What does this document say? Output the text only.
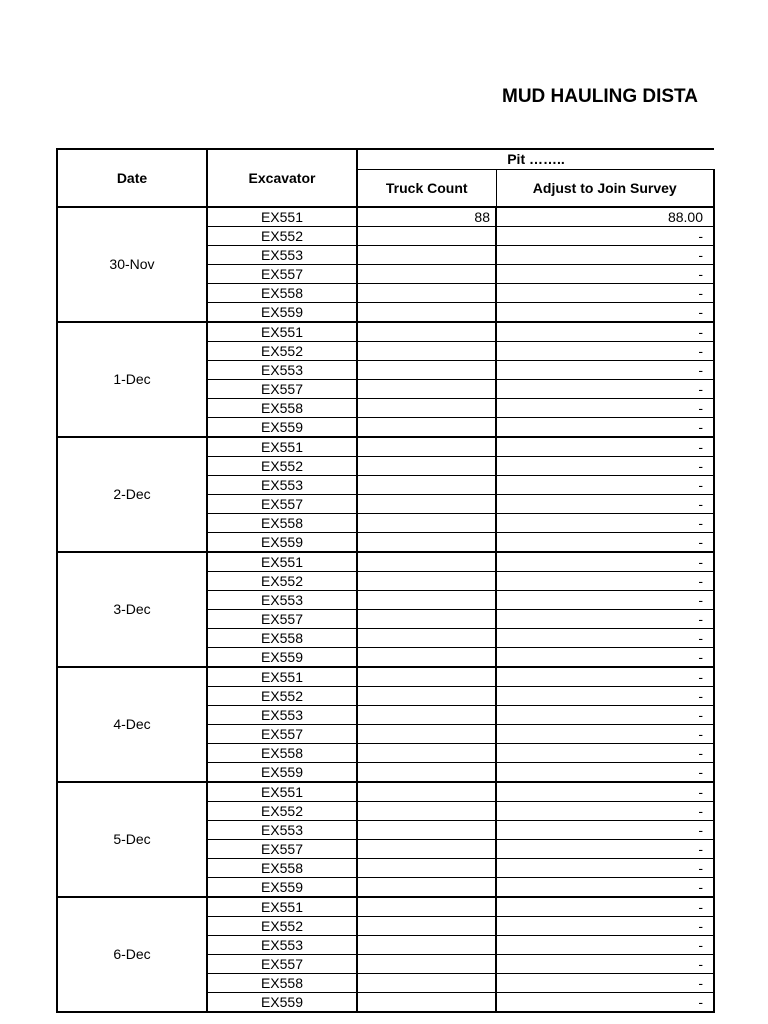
MUD HAULING DISTA
Date	Excavator	Pit ……..	
		Truck Count	Adjust to Join Survey
30-Nov	EX551	88	88.00
	EX552		-
	EX553		-
	EX557		-
	EX558		-
	EX559		-
1-Dec	EX551		-
	EX552		-
	EX553		-
	EX557		-
	EX558		-
	EX559		-
2-Dec	EX551		-
	EX552		-
	EX553		-
	EX557		-
	EX558		-
	EX559		-
3-Dec	EX551		-
	EX552		-
	EX553		-
	EX557		-
	EX558		-
	EX559		-
4-Dec	EX551		-
	EX552		-
	EX553		-
	EX557		-
	EX558		-
	EX559		-
5-Dec	EX551		-
	EX552		-
	EX553		-
	EX557		-
	EX558		-
	EX559		-
6-Dec	EX551		-
	EX552		-
	EX553		-
	EX557		-
	EX558		-
	EX559		-
